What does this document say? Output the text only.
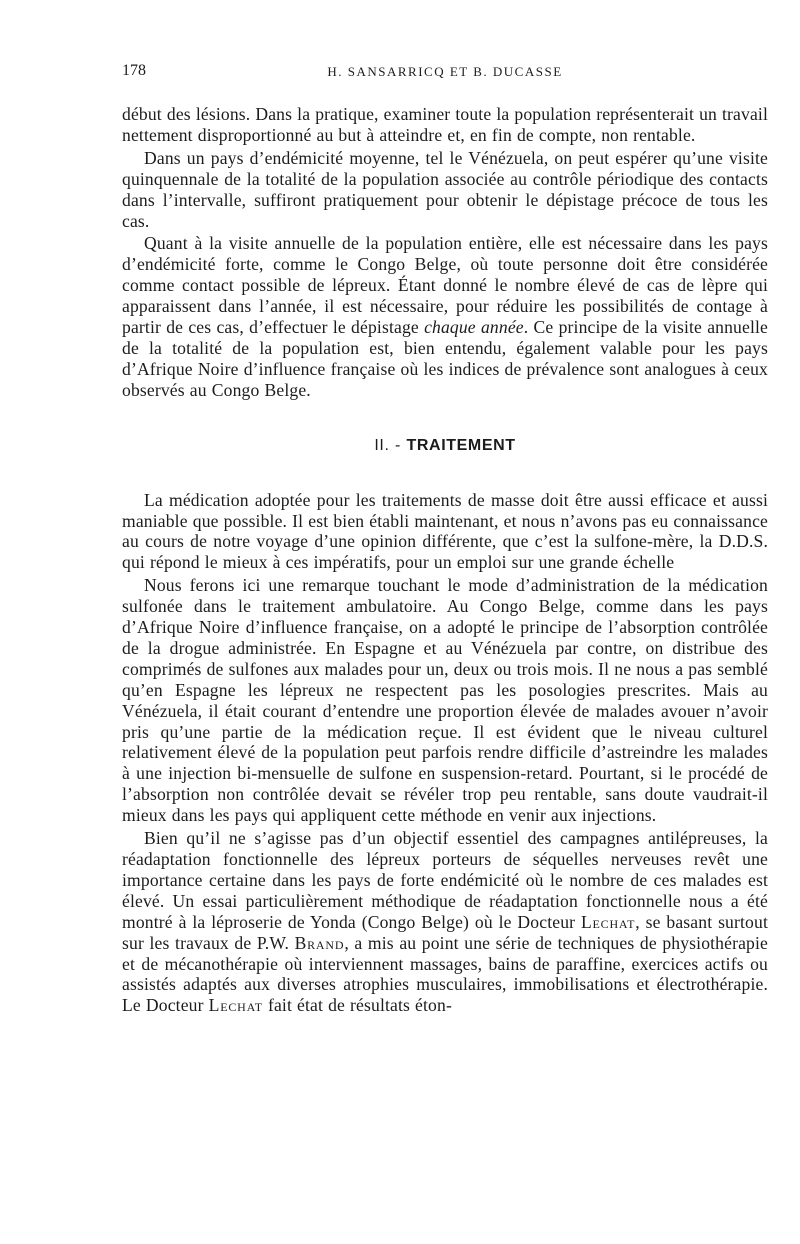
178	H. SANSARRICQ ET B. DUCASSE

début des lésions. Dans la pratique, examiner toute la population représenterait un travail nettement disproportionné au but à atteindre et, en fin de compte, non rentable.

Dans un pays d’endémicité moyenne, tel le Vénézuela, on peut espérer qu’une visite quinquennale de la totalité de la population associée au contrôle périodique des contacts dans l’intervalle, suffiront pratiquement pour obtenir le dépistage précoce de tous les cas.

Quant à la visite annuelle de la population entière, elle est nécessaire dans les pays d’endémicité forte, comme le Congo Belge, où toute personne doit être considérée comme contact possible de lépreux. Étant donné le nombre élevé de cas de lèpre qui apparaissent dans l’année, il est nécessaire, pour réduire les possibilités de contage à partir de ces cas, d’effectuer le dépistage chaque année. Ce principe de la visite annuelle de la totalité de la population est, bien entendu, également valable pour les pays d’Afrique Noire d’influence française où les indices de prévalence sont analogues à ceux observés au Congo Belge.

II. - TRAITEMENT

La médication adoptée pour les traitements de masse doit être aussi efficace et aussi maniable que possible. Il est bien établi maintenant, et nous n’avons pas eu connaissance au cours de notre voyage d’une opinion différente, que c’est la sulfone-mère, la D.D.S. qui répond le mieux à ces impératifs, pour un emploi sur une grande échelle

Nous ferons ici une remarque touchant le mode d’administration de la médication sulfonée dans le traitement ambulatoire. Au Congo Belge, comme dans les pays d’Afrique Noire d’influence française, on a adopté le principe de l’absorption contrôlée de la drogue administrée. En Espagne et au Vénézuela par contre, on distribue des comprimés de sulfones aux malades pour un, deux ou trois mois. Il ne nous a pas semblé qu’en Espagne les lépreux ne respectent pas les posologies prescrites. Mais au Vénézuela, il était courant d’entendre une proportion élevée de malades avouer n’avoir pris qu’une partie de la médication reçue. Il est évident que le niveau culturel relativement élevé de la population peut parfois rendre difficile d’astreindre les malades à une injection bi-mensuelle de sulfone en suspension-retard. Pourtant, si le procédé de l’absorption non contrôlée devait se révéler trop peu rentable, sans doute vaudrait-il mieux dans les pays qui appliquent cette méthode en venir aux injections.

Bien qu’il ne s’agisse pas d’un objectif essentiel des campagnes antilépreuses, la réadaptation fonctionnelle des lépreux porteurs de séquelles nerveuses revêt une importance certaine dans les pays de forte endémicité où le nombre de ces malades est élevé. Un essai particulièrement méthodique de réadaptation fonctionnelle nous a été montré à la léproserie de Yonda (Congo Belge) où le Docteur Lechat, se basant surtout sur les travaux de P.W. Brand, a mis au point une série de techniques de physiothérapie et de mécanothérapie où interviennent massages, bains de paraffine, exercices actifs ou assistés adaptés aux diverses atrophies musculaires, immobilisations et électrothérapie. Le Docteur Lechat fait état de résultats éton-
